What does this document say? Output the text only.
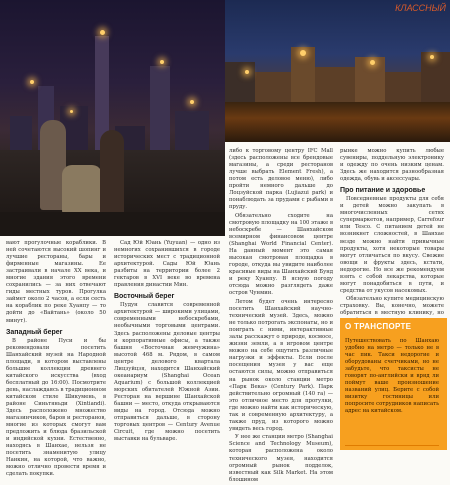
КЛАССНЫЙ

вают прогулочные кораблики. В ней сочетаются высокий шопинг и лучшие рестораны, бары и фирменные магазины. Ее застраивали в начале XX века, и многие здания этого времени сохранились — за них отвечают гиды местных туров. Прогулка займет около 2 часов, а если сесть на кораблик по реке Хуанпу — то дойти до «Вайтань» (около 50 минут).

Западный берег

В районе Пуси и бы рекомендовали посетить Шанхайский музей на Народной площади, в котором выставлены большие коллекции древнего китайского искусства (вход бесплатный до 16:00). Посмотрите день, наслаждаясь в традиционном китайском стиле Шикумень, в районе Синьтяньди (Xintiandi). Здесь расположено множество магазинчиков, баров и ресторанов, многие из которых смогут вам предложить и блюда бразильской и индийской кухни. Естественно, находясь в Шанхае, нельзя не посетить знаменитую улицу Нанкин, на которой, что важно, можно отлично провести время и сделать покупки.

Сад Юй Юань (Yuyuan) — одно из немногих сохранившихся в городе исторических мест с традиционной архитектурой. Сады Юй Юань разбиты на территории более 2 гектаров в XVI веке во времена правления династии Мин.

Восточный берег

Пудун славится современной архитектурой — широкими улицами, современными небоскребами, необычными торговыми центрами. Здесь расположены деловые центры и корпоративные офисы, а также башня «Восточная жемчужина» высотой 468 м. Рядом, в самом центре делового квартала Лицзуйцзя, находится Шанхайский океанариум (Shanghai Ocean Aquarium) с большой коллекцией морских обитателей Южной Азии. Ресторан на вершине Шанхайской башни — место, откуда открываются виды на город. Отсюда можно отправиться дальше, в сторону торговых центров — Century Avenue Circuit, где можно посетить выставки на бульваре.

либо к торговому центру IFC Mall (здесь расположены все брендовые магазины, а среди ресторанов лучше выбрать Element Fresh), а потом есть деловое меню), либо пройти немного дальше до Лоцзуйской парка (Lujiazui park) и понаблюдать за прудами с рыбами в пруду.

Обязательно сходите на смотровую площадку на 100 этаже в небоскребе — Шанхайском всемирном финансовом центре (Shanghai World Financial Center). На данный момент это самая высокая смотровая площадка в городе, откуда вы увидите наиболее красивые виды на Шанхайский Бунд и реку Хуанпу. В ясную погоду отсюда можно разглядеть даже остров Чунмин.

Летом будет очень интересно посетить Шанхайский научно-технический музей. Здесь, можно не только потрогать экспонаты, но и поиграть с ними, интерактивные залы расскажут о природе, космосе, жизни земли, а в игровом центре можно на себе ощутить различные нагрузки и эффекты. Если после посещения музея у вас еще остаются силы, можно отправиться на рынок около станции метро «Парк Века» (Century Park). Парк действительно огромный (140 га) — это отличное место для прогулки, где можно найти как историческую, так и современную архитектуру, а также пруд, из которого можно увидеть весь город.

У нее же станции метро (Shanghai Science and Technology Museum), которая расположена около технического музея, находится огромный рынок подделок, известный как Silk Market. На этом блошином

рынке можно купить любые сувениры, поддельную электронику и одежду по очень низким ценам. Здесь же находится разнообразная одежда, обувь и аксессуары.

Про питание и здоровье

Повседневные продукты для себя и детей можно закупать в многочисленных сетях супермаркетов, например, Carrefour или Tesco. С питанием детей не возникнет сложностей, в Шанхае везде можно найти привычные продукты, хотя некоторые товары могут отличаться по вкусу. Свежие овощи и фрукты здесь, кстати, недорогие. Но все же рекомендуем взять с собой лекарства, которые могут понадобиться в пути, и средства от укусов насекомых.

Обязательно купите медицинскую страховку. Вы, конечно, можете обратиться в местную клинику, но

О ТРАНСПОРТЕ
Путешествовать по Шанхаю удобно на метро — только не в час пик. Такси недорогие и оборудованы счетчиками, но не забудьте, что таксисты не говорят по-английски и вряд ли поймут ваше произношение названий улиц. Берите с собой визитку гостиницы или попросите сотрудников написать адрес на китайском.
